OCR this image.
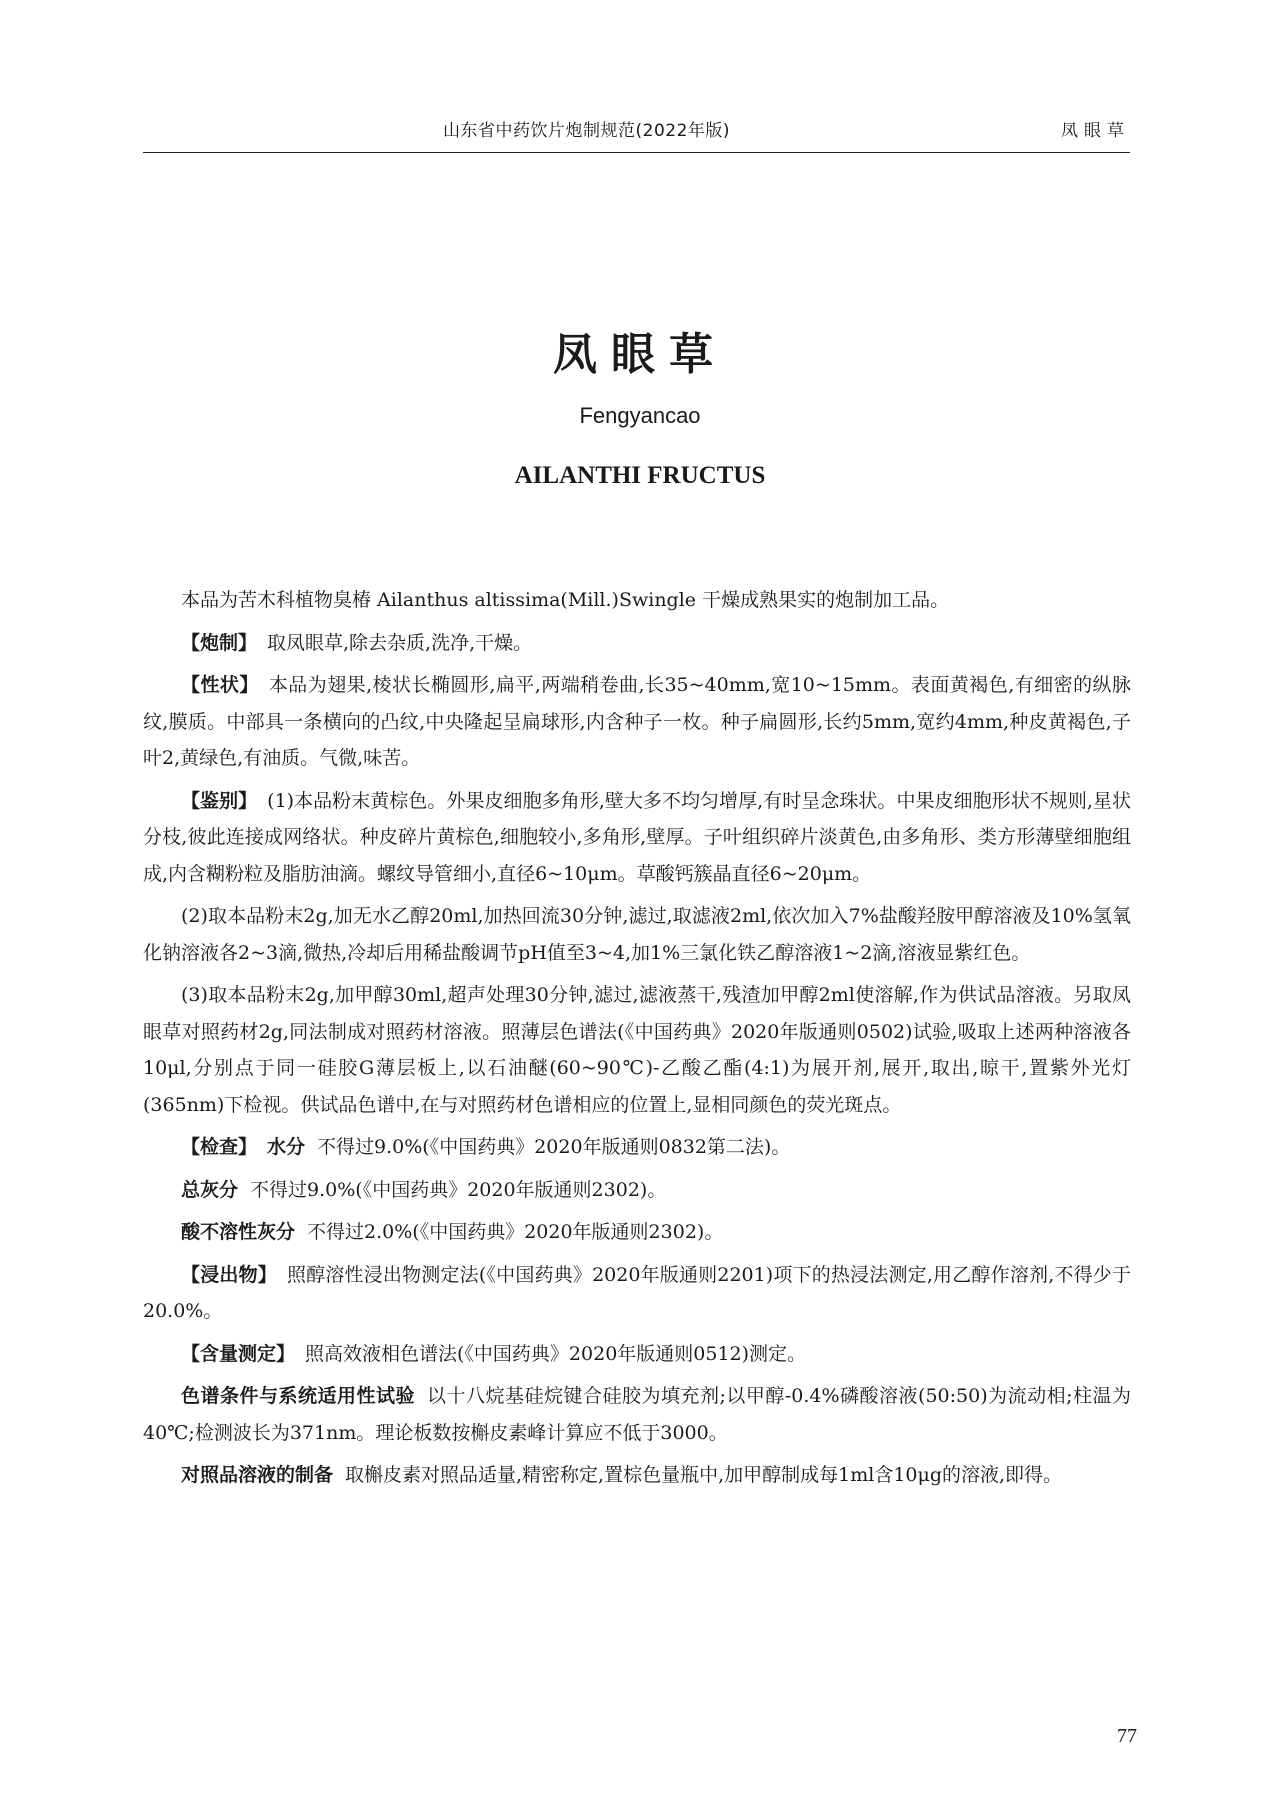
山东省中药饮片炮制规范(2022年版)	凤眼草
凤眼草
Fengyancao
AILANTHI FRUCTUS

本品为苦木科植物臭椿 Ailanthus altissima(Mill.)Swingle 干燥成熟果实的炮制加工品。

【炮制】 取凤眼草,除去杂质,洗净,干燥。

【性状】 本品为翅果,棱状长椭圆形,扁平,两端稍卷曲,长35~40mm,宽10~15mm。表面黄褐色,有细密的纵脉纹,膜质。中部具一条横向的凸纹,中央隆起呈扁球形,内含种子一枚。种子扁圆形,长约5mm,宽约4mm,种皮黄褐色,子叶2,黄绿色,有油质。气微,味苦。

【鉴别】 (1)本品粉末黄棕色。外果皮细胞多角形,壁大多不均匀增厚,有时呈念珠状。中果皮细胞形状不规则,星状分枝,彼此连接成网络状。种皮碎片黄棕色,细胞较小,多角形,壁厚。子叶组织碎片淡黄色,由多角形、类方形薄壁细胞组成,内含糊粉粒及脂肪油滴。螺纹导管细小,直径6~10μm。草酸钙簇晶直径6~20μm。

(2)取本品粉末2g,加无水乙醇20ml,加热回流30分钟,滤过,取滤液2ml,依次加入7%盐酸羟胺甲醇溶液及10%氢氧化钠溶液各2~3滴,微热,冷却后用稀盐酸调节pH值至3~4,加1%三氯化铁乙醇溶液1~2滴,溶液显紫红色。

(3)取本品粉末2g,加甲醇30ml,超声处理30分钟,滤过,滤液蒸干,残渣加甲醇2ml使溶解,作为供试品溶液。另取凤眼草对照药材2g,同法制成对照药材溶液。照薄层色谱法(《中国药典》2020年版通则0502)试验,吸取上述两种溶液各10μl,分别点于同一硅胶G薄层板上,以石油醚(60~90℃)-乙酸乙酯(4:1)为展开剂,展开,取出,晾干,置紫外光灯(365nm)下检视。供试品色谱中,在与对照药材色谱相应的位置上,显相同颜色的荧光斑点。

【检查】 水分 不得过9.0%(《中国药典》2020年版通则0832第二法)。

总灰分 不得过9.0%(《中国药典》2020年版通则2302)。

酸不溶性灰分 不得过2.0%(《中国药典》2020年版通则2302)。

【浸出物】 照醇溶性浸出物测定法(《中国药典》2020年版通则2201)项下的热浸法测定,用乙醇作溶剂,不得少于20.0%。

【含量测定】 照高效液相色谱法(《中国药典》2020年版通则0512)测定。

色谱条件与系统适用性试验 以十八烷基硅烷键合硅胶为填充剂;以甲醇-0.4%磷酸溶液(50:50)为流动相;柱温为40℃;检测波长为371nm。理论板数按槲皮素峰计算应不低于3000。

对照品溶液的制备 取槲皮素对照品适量,精密称定,置棕色量瓶中,加甲醇制成每1ml含10μg的溶液,即得。

77
